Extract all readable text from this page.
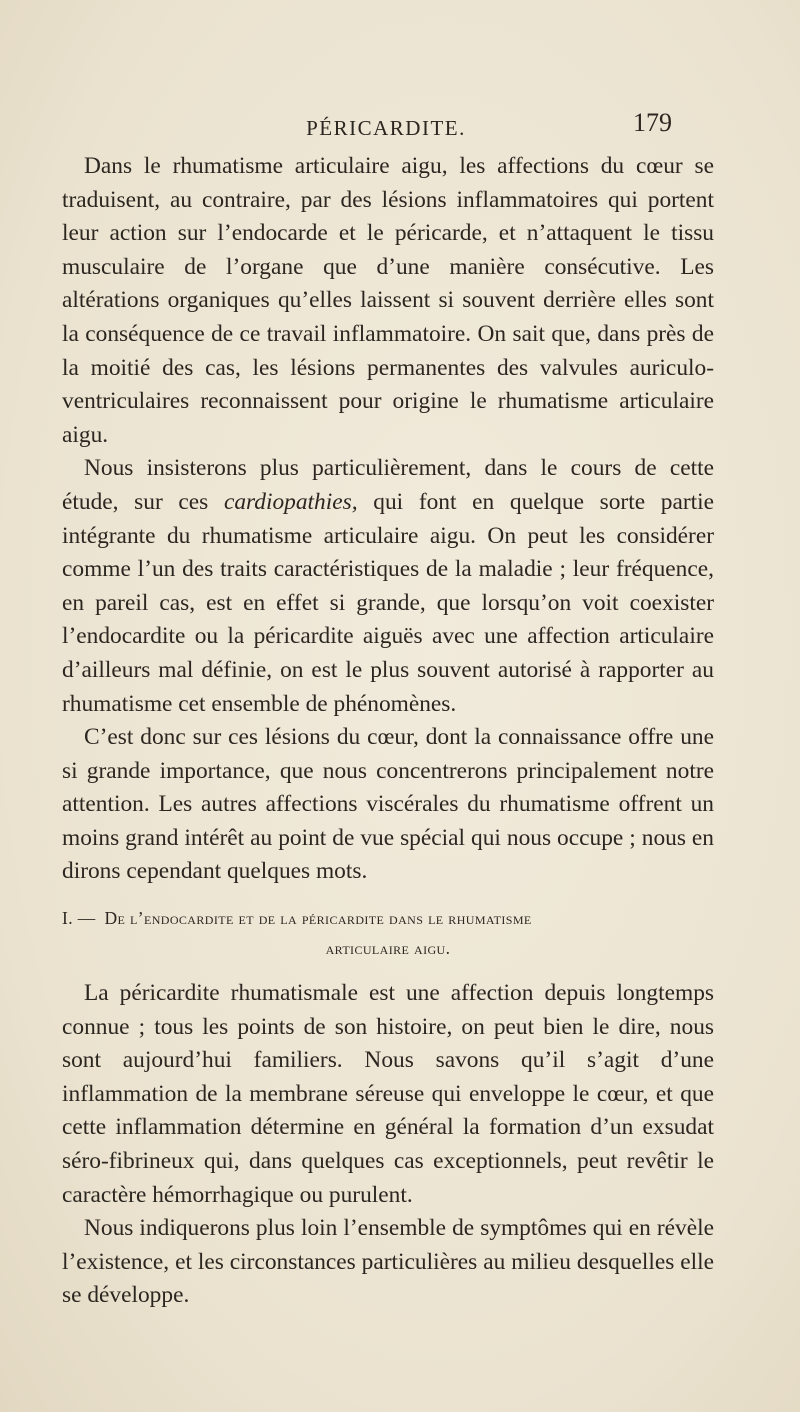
PÉRICARDITE.	179

Dans le rhumatisme articulaire aigu, les affections du cœur se traduisent, au contraire, par des lésions inflammatoires qui portent leur action sur l’endocarde et le péricarde, et n’attaquent le tissu musculaire de l’organe que d’une manière consécutive. Les altérations organiques qu’elles laissent si souvent derrière elles sont la conséquence de ce travail inflammatoire. On sait que, dans près de la moitié des cas, les lésions permanentes des valvules auriculo-ventriculaires reconnaissent pour origine le rhumatisme articulaire aigu.

Nous insisterons plus particulièrement, dans le cours de cette étude, sur ces cardiopathies, qui font en quelque sorte partie intégrante du rhumatisme articulaire aigu. On peut les considérer comme l’un des traits caractéristiques de la maladie ; leur fréquence, en pareil cas, est en effet si grande, que lorsqu’on voit coexister l’endocardite ou la péricardite aiguës avec une affection articulaire d’ailleurs mal définie, on est le plus souvent autorisé à rapporter au rhumatisme cet ensemble de phénomènes.

C’est donc sur ces lésions du cœur, dont la connaissance offre une si grande importance, que nous concentrerons principalement notre attention. Les autres affections viscérales du rhumatisme offrent un moins grand intérêt au point de vue spécial qui nous occupe ; nous en dirons cependant quelques mots.

I. — De l’endocardite et de la péricardite dans le rhumatisme
articulaire aigu.

La péricardite rhumatismale est une affection depuis longtemps connue ; tous les points de son histoire, on peut bien le dire, nous sont aujourd’hui familiers. Nous savons qu’il s’agit d’une inflammation de la membrane séreuse qui enveloppe le cœur, et que cette inflammation détermine en général la formation d’un exsudat séro-fibrineux qui, dans quelques cas exceptionnels, peut revêtir le caractère hémorrhagique ou purulent.

Nous indiquerons plus loin l’ensemble de symptômes qui en révèle l’existence, et les circonstances particulières au milieu desquelles elle se développe.
